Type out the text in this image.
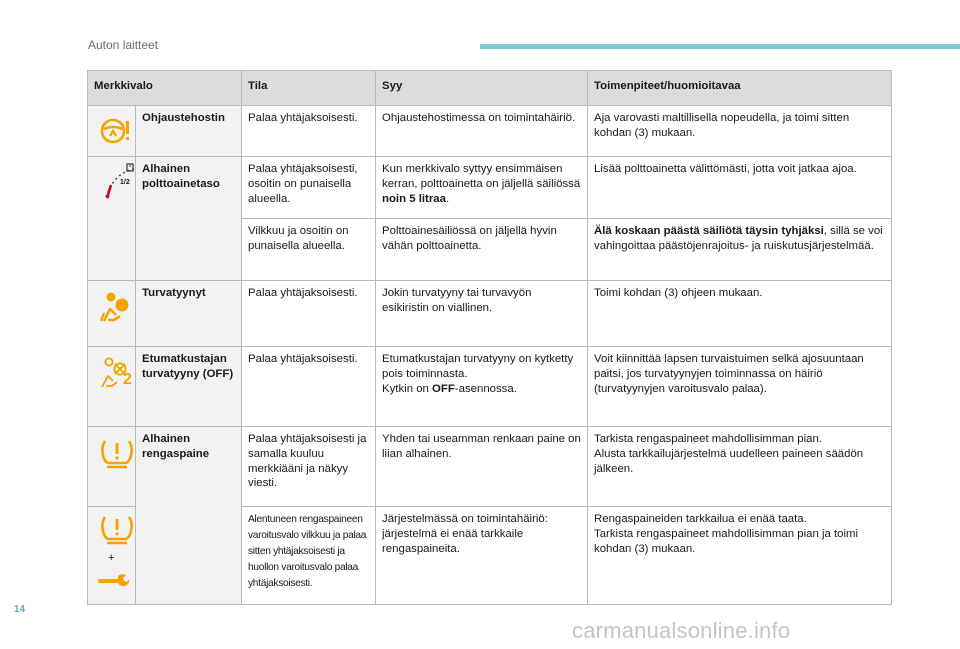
Auton laitteet
Merkkivalo		Tila	Syy	Toimenpiteet/huomioitavaa

	Ohjaustehostin	Palaa yhtäjaksoisesti.	Ohjaustehostimessa on toimintahäiriö.	Aja varovasti maltillisella nopeudella, ja toimi sitten kohdan (3) mukaan.

1/2	Alhainen polttoainetaso	Palaa yhtäjaksoisesti, osoitin on punaisella alueella.	Kun merkkivalo syttyy ensimmäisen kerran, polttoainetta on jäljellä säiliössä noin 5 litraa.	Lisää polttoainetta välittömästi, jotta voit jatkaa ajoa.
		Vilkkuu ja osoitin on punaisella alueella.	Polttoainesäiliössä on jäljellä hyvin vähän polttoainetta.	Älä koskaan päästä säiliötä täysin tyhjäksi, sillä se voi vahingoittaa päästöjenrajoitus- ja ruiskutusjärjestelmää.

	Turvatyynyt	Palaa yhtäjaksoisesti.	Jokin turvatyyny tai turvavyön esikiristin on viallinen.	Toimi kohdan (3) ohjeen mukaan.

2	Etumatkustajan turvatyyny (OFF)	Palaa yhtäjaksoisesti.	Etumatkustajan turvatyyny on kytketty pois toiminnasta.
Kytkin on OFF-asennossa.	Voit kiinnittää lapsen turvaistuimen selkä ajosuuntaan paitsi, jos turvatyynyjen toiminnassa on häiriö (turvatyynyjen varoitusvalo palaa).

	Alhainen rengaspaine	Palaa yhtäjaksoisesti ja samalla kuuluu merkkiääni ja näkyy viesti.	Yhden tai useamman renkaan paine on liian alhainen.	Tarkista rengaspaineet mahdollisimman pian.
Alusta tarkkailujärjestelmä uudelleen paineen säädön jälkeen.

+		Alentuneen rengaspaineen varoitusvalo vilkkuu ja palaa sitten yhtäjaksoisesti ja huollon varoitusvalo palaa yhtäjaksoisesti.	Järjestelmässä on toimintahäiriö: järjestelmä ei enää tarkkaile rengaspaineita.	Rengaspaineiden tarkkailua ei enää taata.
Tarkista rengaspaineet mahdollisimman pian ja toimi kohdan (3) mukaan.
14
carmanualsonline.info
